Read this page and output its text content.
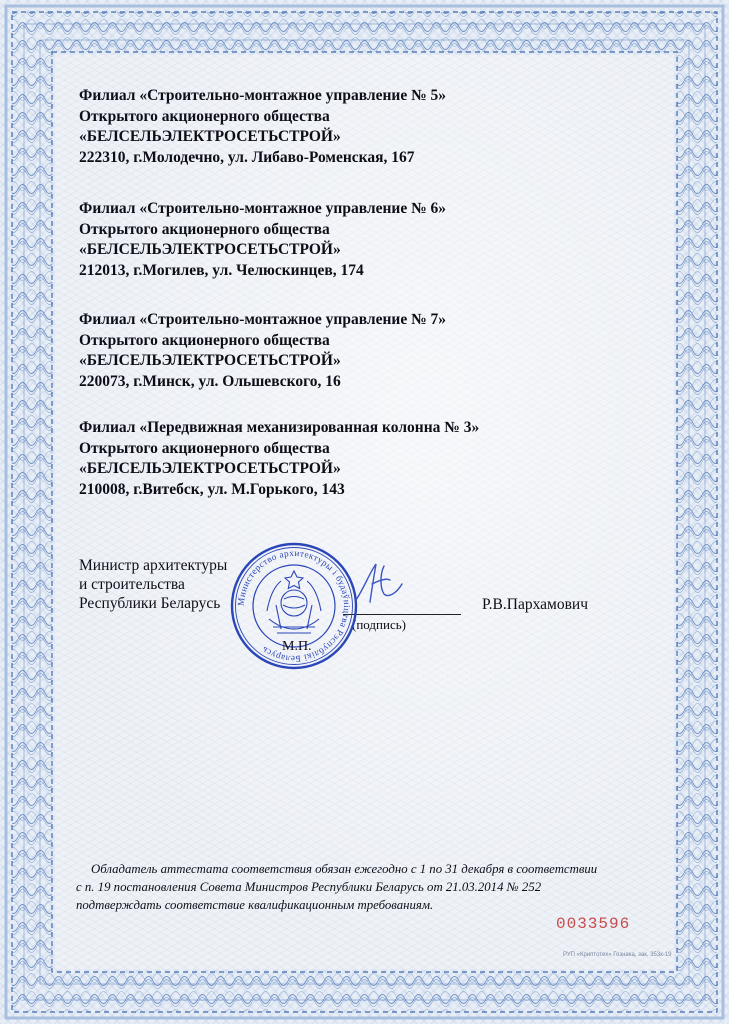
Филиал «Строительно-монтажное управление № 5»
Открытого акционерного общества
«БЕЛСЕЛЬЭЛЕКТРОСЕТЬСТРОЙ»
222310, г.Молодечно, ул. Либаво-Роменская, 167
Филиал «Строительно-монтажное управление № 6»
Открытого акционерного общества
«БЕЛСЕЛЬЭЛЕКТРОСЕТЬСТРОЙ»
212013, г.Могилев, ул. Челюскинцев, 174
Филиал «Строительно-монтажное управление № 7»
Открытого акционерного общества
«БЕЛСЕЛЬЭЛЕКТРОСЕТЬСТРОЙ»
220073, г.Минск, ул. Ольшевского, 16
Филиал «Передвижная механизированная колонна № 3»
Открытого акционерного общества
«БЕЛСЕЛЬЭЛЕКТРОСЕТЬСТРОЙ»
210008, г.Витебск, ул. М.Горького, 143
Министр архитектуры
и строительства
Республики Беларусь	Р.В.Пархамович
(подпись)
Министерство архитектуры і будаўніцтва Рэспублікі Беларусь М.П.
Обладатель аттестата соответствия обязан ежегодно с 1 по 31 декабря в соответствии
с п. 19 постановления Совета Министров Республики Беларусь от 21.03.2014 № 252
подтверждать соответствие квалификационным требованиям.
0033596
РУП «Криптотех» Гознака, зак. 353к-19
